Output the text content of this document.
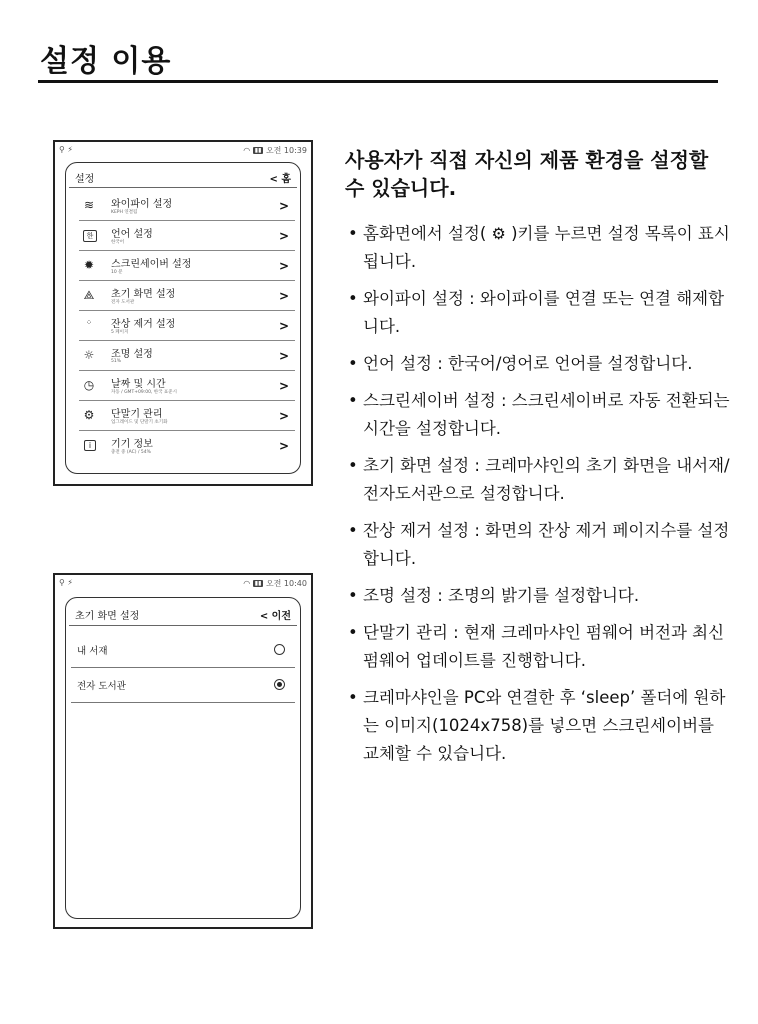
설정 이용
⚲ ⚡	◠ ▮▮ 오전 10:39
설정	< 홈
≋ 와이파이 설정
KEPH 연결됨	>
한	언어 설정
한국어	>
✹ 스크린세이버 설정
10 분	>
⟁ 초기 화면 설정
전자 도서관	>
⁘	잔상 제거 설정
5 페이지	>
☼ 조명 설정
51%	>
◷ 날짜 및 시간
자동 / GMT+09:00, 한국 표준시	>
⚙ 단말기 관리
업그레이드 및 단말기 초기화	>
i	기기 정보
충전 중 (AC) / 54%	>
⚲ ⚡	◠ ▮▮ 오전 10:40
초기 화면 설정	< 이전
내 서재
전자 도서관
사용자가 직접 자신의 제품 환경을 설정할 수 있습니다.
• 홈화면에서 설정( ⚙ )키를 누르면 설정 목록이 표시됩니다.
• 와이파이 설정 : 와이파이를 연결 또는 연결 해제합니다.
• 언어 설정 : 한국어/영어로 언어를 설정합니다.
• 스크린세이버 설정 : 스크린세이버로 자동 전환되는 시간을 설정합니다.
• 초기 화면 설정 : 크레마샤인의 초기 화면을 내서재/전자도서관으로 설정합니다.
• 잔상 제거 설정 : 화면의 잔상 제거 페이지수를 설정합니다.
• 조명 설정 : 조명의 밝기를 설정합니다.
• 단말기 관리 : 현재 크레마샤인 펌웨어 버전과 최신 펌웨어 업데이트를 진행합니다.
• 크레마샤인을 PC와 연결한 후 ‘sleep’ 폴더에 원하는 이미지(1024x758)를 넣으면 스크린세이버를 교체할 수 있습니다.
